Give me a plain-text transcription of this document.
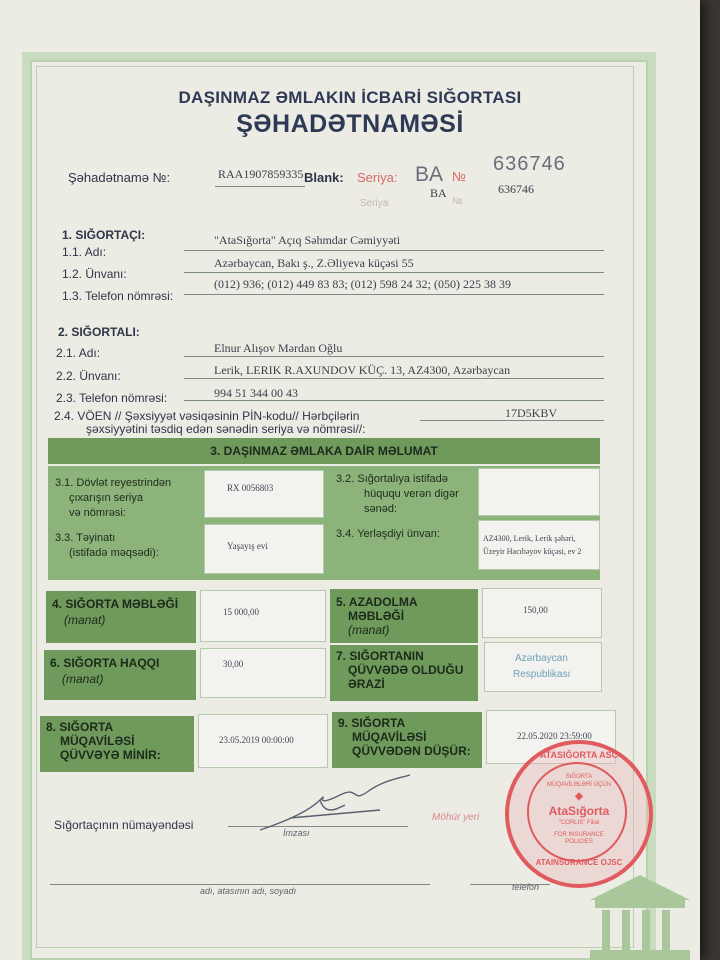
DAŞINMAZ ƏMLAKIN İCBARİ SIĞORTASI
ŞƏHADƏTNAMƏSİ
Şəhadətnamə №:	RAA1907859335 Blank: Seriya: BA №
636746
BA	636746
Seriya	№
1. SIĞORTAÇI:
1.1. Adı:
"AtaSığorta" Açıq Səhmdar Cəmiyyəti
1.2. Ünvanı:
Azərbaycan, Bakı ş., Z.Əliyeva küçəsi 55
1.3. Telefon nömrəsi:
(012) 936; (012) 449 83 83; (012) 598 24 32; (050) 225 38 39
2. SIĞORTALI:
2.1. Adı:	Elnur Alışov Mərdan Oğlu
2.2. Ünvanı:	Lerik, LERIK R.AXUNDOV KÜÇ. 13, AZ4300, Azərbaycan
2.3. Telefon nömrəsi:	994 51 344 00 43
2.4. VÖEN // Şəxsiyyət vəsiqəsinin PİN-kodu// Hərbçilərin
şəxsiyyətini təsdiq edən sənədin seriya və nömrəsi//:
17D5KBV
3. DAŞINMAZ ƏMLAKA DAİR MƏLUMAT
3.1. Dövlət reyestrindən
çıxarışın seriya
və nömrəsi:
RX 0056803
3.2. Sığortalıya istifadə
hüququ verən digər
sənəd:
3.3. Təyinatı
(istifadə məqsədi):
Yaşayış evi
3.4. Yerləşdiyi ünvan:	AZ4300, Lerik, Lerik şəhəri,
Üzeyir Hacıbəyov küçəsi, ev 2
4. SIĞORTA MƏBLƏĞİ
(manat)
15 000,00
5. AZADOLMA
MƏBLƏĞİ
(manat)
150,00
6. SIĞORTA HAQQI
(manat)
30,00
7. SIĞORTANIN
QÜVVƏDƏ OLDUĞU
ƏRAZİ
Azərbaycan
Respublikası
8. SIĞORTA
MÜQAVİLƏSİ
QÜVVƏYƏ MİNİR:
23.05.2019 00:00:00
9. SIĞORTA
MÜQAVİLƏSİ
QÜVVƏDƏN DÜŞÜR:
22.05.2020 23:59:00
Sığortaçının nümayəndəsi
İmzası
Möhür yeri
adı, atasının adı, soyadı	telefon
ATASIĞORTA ASC
SIĞORTA
MÜQAVİLƏLƏRİ ÜÇÜN
◆
AtaSığorta
"CORLIS" Filial
FOR INSURANCE
POLICIES
ATAINSURANCE OJSC
